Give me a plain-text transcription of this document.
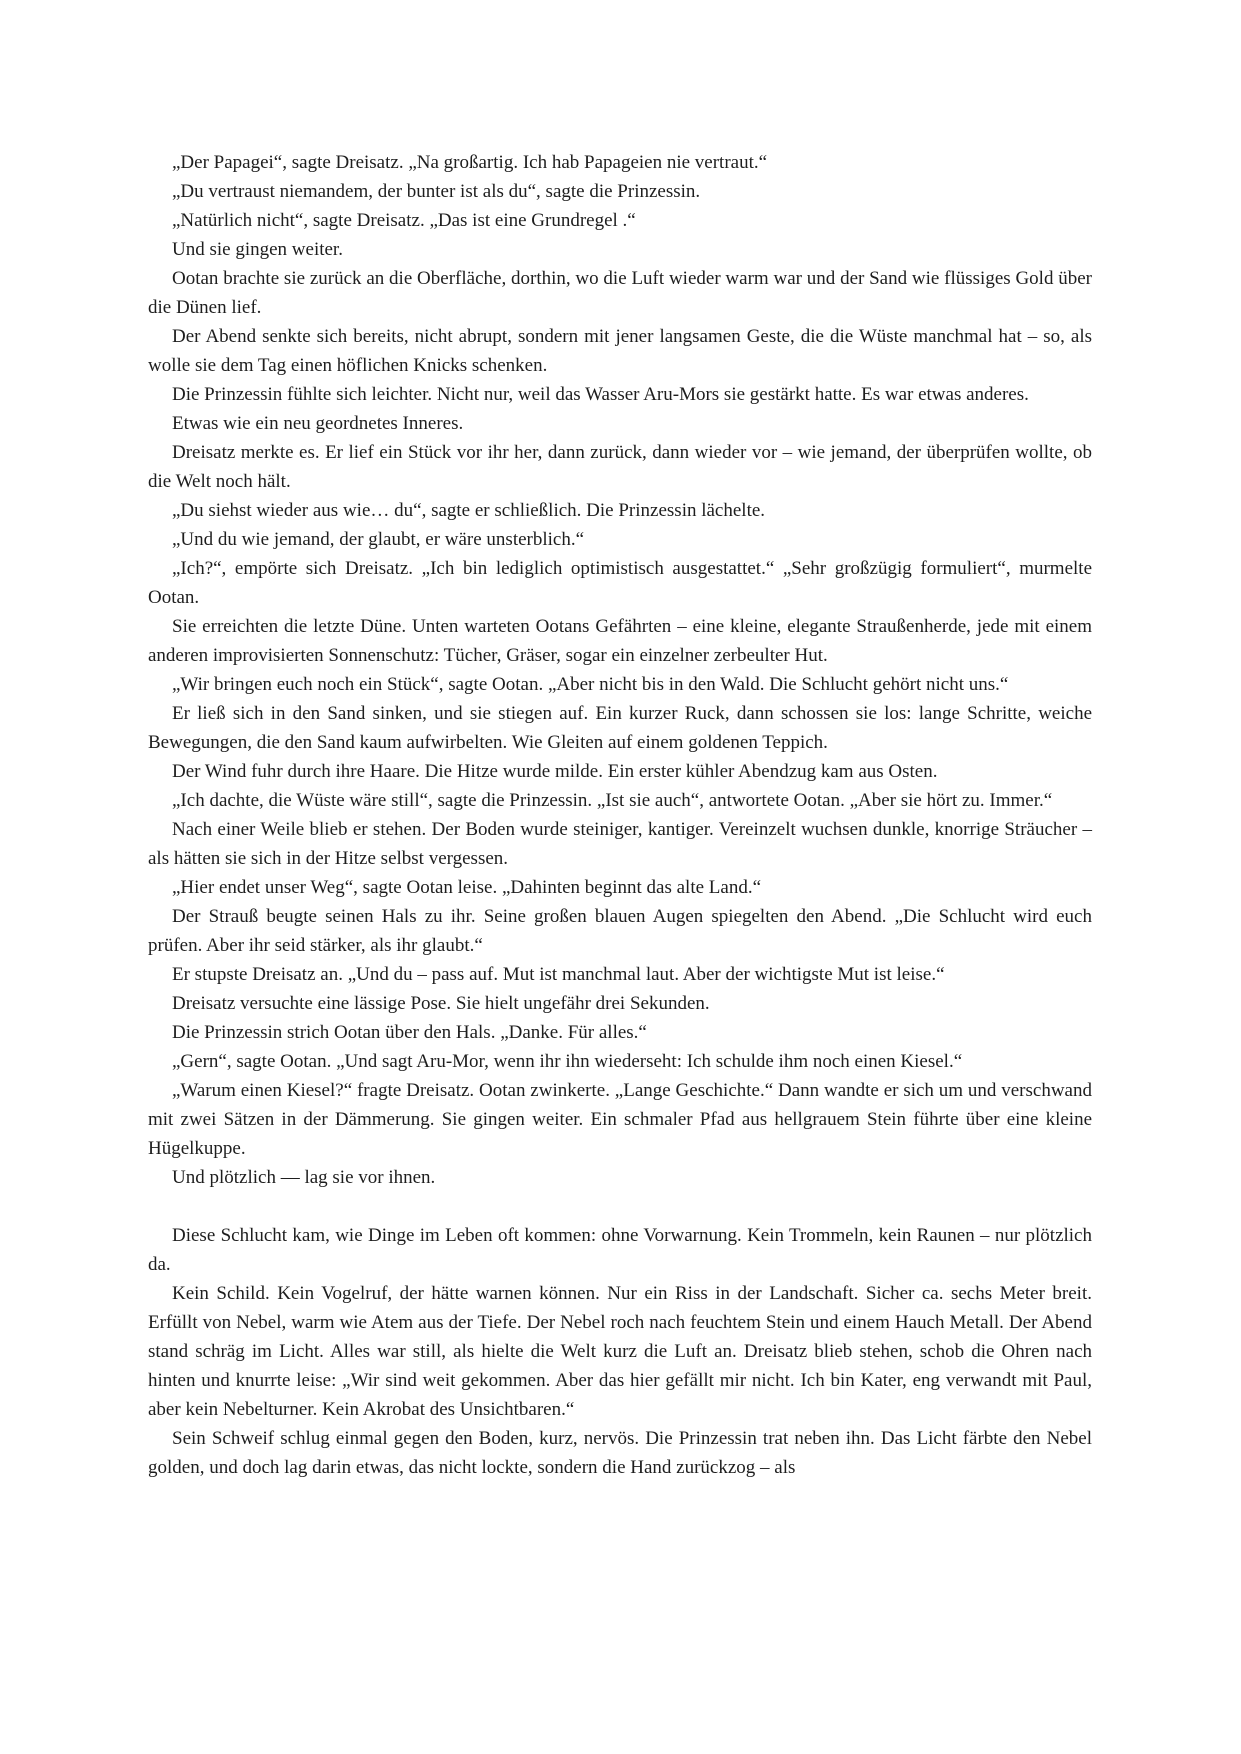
„Der Papagei“, sagte Dreisatz. „Na großartig. Ich hab Papageien nie vertraut.“

„Du vertraust niemandem, der bunter ist als du“, sagte die Prinzessin.

„Natürlich nicht“, sagte Dreisatz. „Das ist eine Grundregel .“

Und sie gingen weiter.

Ootan brachte sie zurück an die Oberfläche, dorthin, wo die Luft wieder warm war und der Sand wie flüssiges Gold über die Dünen lief.

Der Abend senkte sich bereits, nicht abrupt, sondern mit jener langsamen Geste, die die Wüste manchmal hat – so, als wolle sie dem Tag einen höflichen Knicks schenken.

Die Prinzessin fühlte sich leichter. Nicht nur, weil das Wasser Aru-Mors sie gestärkt hatte. Es war etwas anderes.

Etwas wie ein neu geordnetes Inneres.

Dreisatz merkte es. Er lief ein Stück vor ihr her, dann zurück, dann wieder vor – wie jemand, der überprüfen wollte, ob die Welt noch hält.

„Du siehst wieder aus wie… du“, sagte er schließlich. Die Prinzessin lächelte.

„Und du wie jemand, der glaubt, er wäre unsterblich.“

„Ich?“, empörte sich Dreisatz. „Ich bin lediglich optimistisch ausgestattet.“ „Sehr großzügig formuliert“, murmelte Ootan.

Sie erreichten die letzte Düne. Unten warteten Ootans Gefährten – eine kleine, elegante Straußenherde, jede mit einem anderen improvisierten Sonnenschutz: Tücher, Gräser, sogar ein einzelner zerbeulter Hut.

„Wir bringen euch noch ein Stück“, sagte Ootan. „Aber nicht bis in den Wald. Die Schlucht gehört nicht uns.“

Er ließ sich in den Sand sinken, und sie stiegen auf. Ein kurzer Ruck, dann schossen sie los: lange Schritte, weiche Bewegungen, die den Sand kaum aufwirbelten. Wie Gleiten auf einem goldenen Teppich.

Der Wind fuhr durch ihre Haare. Die Hitze wurde milde. Ein erster kühler Abendzug kam aus Osten.

„Ich dachte, die Wüste wäre still“, sagte die Prinzessin. „Ist sie auch“, antwortete Ootan. „Aber sie hört zu. Immer.“

Nach einer Weile blieb er stehen. Der Boden wurde steiniger, kantiger. Vereinzelt wuchsen dunkle, knorrige Sträucher – als hätten sie sich in der Hitze selbst vergessen.

„Hier endet unser Weg“, sagte Ootan leise. „Dahinten beginnt das alte Land.“

Der Strauß beugte seinen Hals zu ihr. Seine großen blauen Augen spiegelten den Abend. „Die Schlucht wird euch prüfen. Aber ihr seid stärker, als ihr glaubt.“

Er stupste Dreisatz an. „Und du – pass auf. Mut ist manchmal laut. Aber der wichtigste Mut ist leise.“

Dreisatz versuchte eine lässige Pose. Sie hielt ungefähr drei Sekunden.

Die Prinzessin strich Ootan über den Hals. „Danke. Für alles.“

„Gern“, sagte Ootan. „Und sagt Aru-Mor, wenn ihr ihn wiederseht: Ich schulde ihm noch einen Kiesel.“

„Warum einen Kiesel?“ fragte Dreisatz. Ootan zwinkerte. „Lange Geschichte.“ Dann wandte er sich um und verschwand mit zwei Sätzen in der Dämmerung. Sie gingen weiter. Ein schmaler Pfad aus hellgrauem Stein führte über eine kleine Hügelkuppe.

Und plötzlich — lag sie vor ihnen.

Diese Schlucht kam, wie Dinge im Leben oft kommen: ohne Vorwarnung. Kein Trommeln, kein Raunen – nur plötzlich da.

Kein Schild. Kein Vogelruf, der hätte warnen können. Nur ein Riss in der Landschaft. Sicher ca. sechs Meter breit. Erfüllt von Nebel, warm wie Atem aus der Tiefe. Der Nebel roch nach feuchtem Stein und einem Hauch Metall. Der Abend stand schräg im Licht. Alles war still, als hielte die Welt kurz die Luft an. Dreisatz blieb stehen, schob die Ohren nach hinten und knurrte leise: „Wir sind weit gekommen. Aber das hier gefällt mir nicht. Ich bin Kater, eng verwandt mit Paul, aber kein Nebelturner. Kein Akrobat des Unsichtbaren.“

Sein Schweif schlug einmal gegen den Boden, kurz, nervös. Die Prinzessin trat neben ihn. Das Licht färbte den Nebel golden, und doch lag darin etwas, das nicht lockte, sondern die Hand zurückzog – als
